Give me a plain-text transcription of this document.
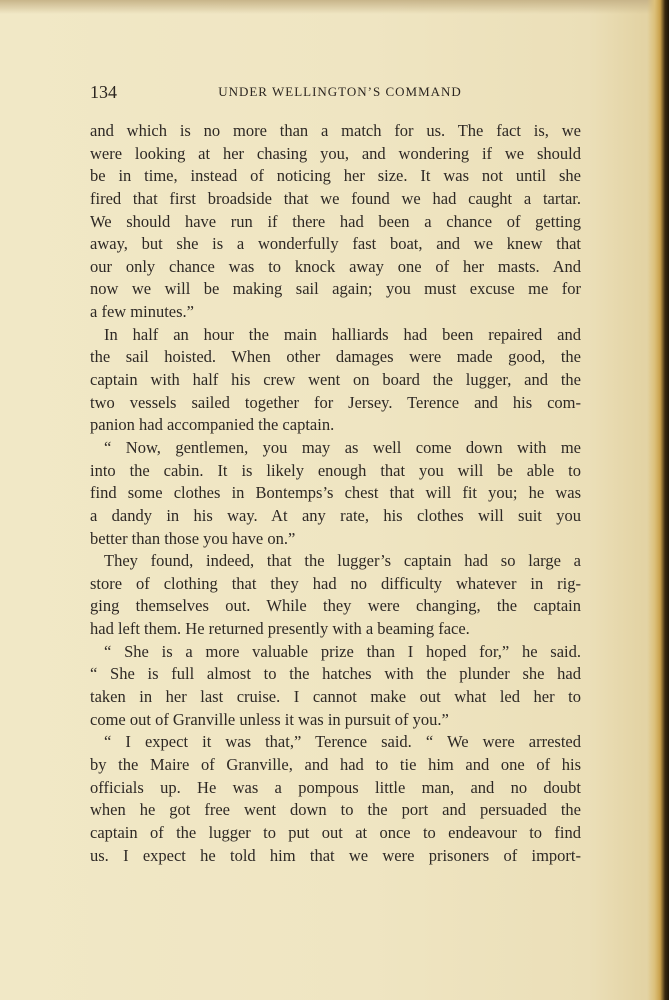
134	UNDER WELLINGTON’S COMMAND
and which is no more than a match for us. The fact is, we
were looking at her chasing you, and wondering if we should
be in time, instead of noticing her size. It was not until she
fired that first broadside that we found we had caught a tartar.
We should have run if there had been a chance of getting
away, but she is a wonderfully fast boat, and we knew that
our only chance was to knock away one of her masts. And
now we will be making sail again; you must excuse me for
a few minutes.”
In half an hour the main halliards had been repaired and
the sail hoisted. When other damages were made good, the
captain with half his crew went on board the lugger, and the
two vessels sailed together for Jersey. Terence and his com-
panion had accompanied the captain.
“ Now, gentlemen, you may as well come down with me
into the cabin. It is likely enough that you will be able to
find some clothes in Bontemps’s chest that will fit you; he was
a dandy in his way. At any rate, his clothes will suit you
better than those you have on.”
They found, indeed, that the lugger’s captain had so large a
store of clothing that they had no difficulty whatever in rig-
ging themselves out. While they were changing, the captain
had left them. He returned presently with a beaming face.
“ She is a more valuable prize than I hoped for,” he said.
“ She is full almost to the hatches with the plunder she had
taken in her last cruise. I cannot make out what led her to
come out of Granville unless it was in pursuit of you.”
“ I expect it was that,” Terence said. “ We were arrested
by the Maire of Granville, and had to tie him and one of his
officials up. He was a pompous little man, and no doubt
when he got free went down to the port and persuaded the
captain of the lugger to put out at once to endeavour to find
us. I expect he told him that we were prisoners of import-
